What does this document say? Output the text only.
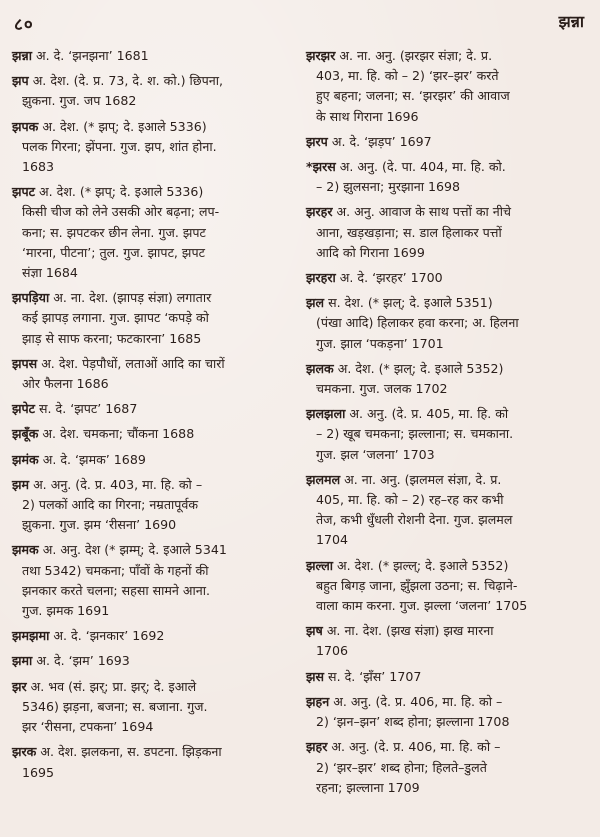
८०	झन्ना
झन्ना अ. दे. ‘झनझना’ 1681
झप अ. देश. (दे. प्र. 73, दे. श. को.) छिपना,
झुकना. गुज. जप 1682
झपक अ. देश. (* झप्; दे. इआले 5336)
पलक गिरना; झेंपना. गुज. झप, शांत होना.
1683
झपट अ. देश. (* झप्; दे. इआले 5336)
किसी चीज को लेने उसकी ओर बढ़ना; लप-
कना; स. झपटकर छीन लेना. गुज. झपट
‘मारना, पीटना’; तुल. गुज. झापट, झपट
संज्ञा 1684
झपड़िया अ. ना. देश. (झापड़ संज्ञा) लगातार
कई झापड़ लगाना. गुज. झापट ‘कपड़े को
झाड़ से साफ करना; फटकारना’ 1685
झपस अ. देश. पेड़पौधों, लताओं आदि का चारों
ओर फैलना 1686
झपेट स. दे. ‘झपट’ 1687
झबूँक अ. देश. चमकना; चौंकना 1688
झमंक अ. दे. ‘झमक’ 1689
झम अ. अनु. (दे. प्र. 403, मा. हि. को –
2) पलकों आदि का गिरना; नम्रतापूर्वक
झुकना. गुज. झम ‘रीसना’ 1690
झमक अ. अनु. देश (* झम्म्; दे. इआले 5341
तथा 5342) चमकना; पाँवों के गहनों की
झनकार करते चलना; सहसा सामने आना.
गुज. झमक 1691
झमझमा अ. दे. ‘झनकार’ 1692
झमा अ. दे. ‘झम’ 1693
झर अ. भव (सं. झर्; प्रा. झर्; दे. इआले
5346) झड़ना, बजना; स. बजाना. गुज.
झर ‘रीसना, टपकना’ 1694
झरक अ. देश. झलकना, स. डपटना. झिड़कना
1695
झरझर अ. ना. अनु. (झरझर संज्ञा; दे. प्र.
403, मा. हि. को – 2) ‘झर–झर’ करते
हुए बहना; जलना; स. ‘झरझर’ की आवाज
के साथ गिराना 1696
झरप अ. दे. ‘झड़प’ 1697
*झरस अ. अनु. (दे. पा. 404, मा. हि. को.
– 2) झुलसना; मुरझाना 1698
झरहर अ. अनु. आवाज के साथ पत्तों का नीचे
आना, खड़खड़ाना; स. डाल हिलाकर पत्तों
आदि को गिराना 1699
झरहरा अ. दे. ‘झरहर’ 1700
झल स. देश. (* झल्; दे. इआले 5351)
(पंखा आदि) हिलाकर हवा करना; अ. हिलना
गुज. झाल ‘पकड़ना’ 1701
झलक अ. देश. (* झल्; दे. इआले 5352)
चमकना. गुज. जलक 1702
झलझला अ. अनु. (दे. प्र. 405, मा. हि. को
– 2) खूब चमकना; झल्लाना; स. चमकाना.
गुज. झल ‘जलना’ 1703
झलमल अ. ना. अनु. (झलमल संज्ञा, दे. प्र.
405, मा. हि. को – 2) रह–रह कर कभी
तेज, कभी धुँधली रोशनी देना. गुज. झलमल
1704
झल्ला अ. देश. (* झल्ल्; दे. इआले 5352)
बहुत बिगड़ जाना, झुँझला उठना; स. चिढ़ाने-
वाला काम करना. गुज. झल्ला ‘जलना’ 1705
झष अ. ना. देश. (झख संज्ञा) झख मारना
1706
झस स. दे. ‘झँस’ 1707
झहन अ. अनु. (दे. प्र. 406, मा. हि. को –
2) ‘झन–झन’ शब्द होना; झल्लाना 1708
झहर अ. अनु. (दे. प्र. 406, मा. हि. को –
2) ‘झर–झर’ शब्द होना; हिलते–डुलते
रहना; झल्लाना 1709
